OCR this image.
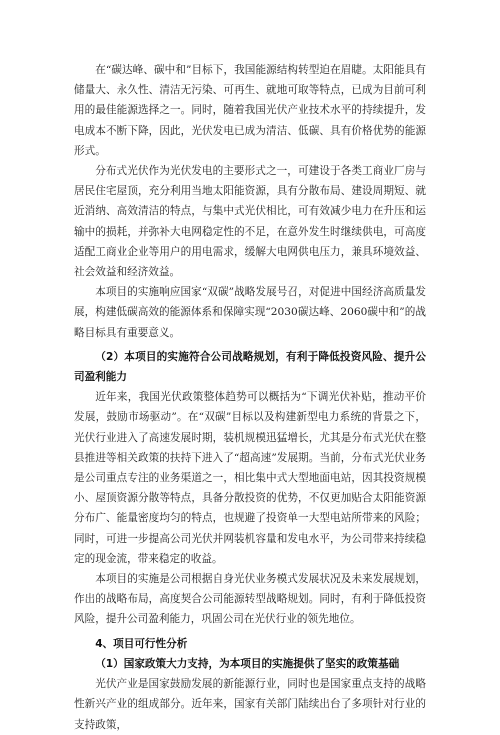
在“碳达峰、碳中和”目标下，我国能源结构转型迫在眉睫。太阳能具有储量大、永久性、清洁无污染、可再生、就地可取等特点，已成为目前可利用的最佳能源选择之一。同时，随着我国光伏产业技术水平的持续提升，发电成本不断下降，因此，光伏发电已成为清洁、低碳、具有价格优势的能源形式。

分布式光伏作为光伏发电的主要形式之一，可建设于各类工商业厂房与居民住宅屋顶，充分利用当地太阳能资源，具有分散布局、建设周期短、就近消纳、高效清洁的特点，与集中式光伏相比，可有效减少电力在升压和运输中的损耗，并弥补大电网稳定性的不足，在意外发生时继续供电，可高度适配工商业企业等用户的用电需求，缓解大电网供电压力，兼具环境效益、社会效益和经济效益。

本项目的实施响应国家“双碳”战略发展号召，对促进中国经济高质量发展，构建低碳高效的能源体系和保障实现“2030碳达峰、2060碳中和”的战略目标具有重要意义。

（2）本项目的实施符合公司战略规划，有利于降低投资风险、提升公司盈利能力

近年来，我国光伏政策整体趋势可以概括为“下调光伏补贴，推动平价发展，鼓励市场驱动”。在“双碳”目标以及构建新型电力系统的背景之下，光伏行业进入了高速发展时期，装机规模迅猛增长，尤其是分布式光伏在整县推进等相关政策的扶持下进入了“超高速”发展期。当前，分布式光伏业务是公司重点专注的业务渠道之一，相比集中式大型地面电站，因其投资规模小、屋顶资源分散等特点，具备分散投资的优势，不仅更加贴合太阳能资源分布广、能量密度均匀的特点，也规避了投资单一大型电站所带来的风险；同时，可进一步提高公司光伏并网装机容量和发电水平，为公司带来持续稳定的现金流，带来稳定的收益。

本项目的实施是公司根据自身光伏业务模式发展状况及未来发展规划，作出的战略布局，高度契合公司能源转型战略规划。同时，有利于降低投资风险，提升公司盈利能力，巩固公司在光伏行业的领先地位。

4、项目可行性分析

（1）国家政策大力支持，为本项目的实施提供了坚实的政策基础

光伏产业是国家鼓励发展的新能源行业，同时也是国家重点支持的战略性新兴产业的组成部分。近年来，国家有关部门陆续出台了多项针对行业的支持政策，
